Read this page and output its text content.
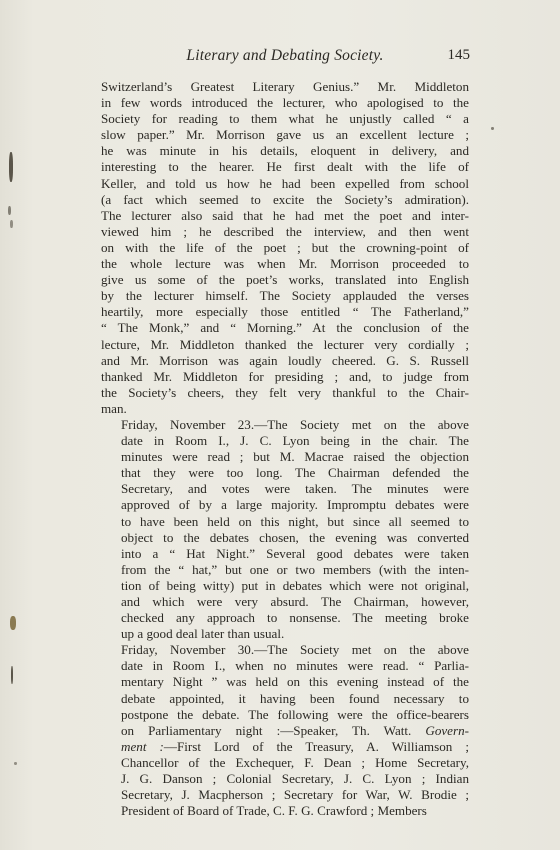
Literary and Debating Society.	145
Switzerland’s Greatest Literary Genius.” Mr. Middleton
in few words introduced the lecturer, who apologised to the
Society for reading to them what he unjustly called “ a
slow paper.” Mr. Morrison gave us an excellent lecture ;
he was minute in his details, eloquent in delivery, and
interesting to the hearer. He first dealt with the life of
Keller, and told us how he had been expelled from school
(a fact which seemed to excite the Society’s admiration).
The lecturer also said that he had met the poet and inter-
viewed him ; he described the interview, and then went
on with the life of the poet ; but the crowning-point of
the whole lecture was when Mr. Morrison proceeded to
give us some of the poet’s works, translated into English
by the lecturer himself. The Society applauded the verses
heartily, more especially those entitled “ The Fatherland,”
“ The Monk,” and “ Morning.” At the conclusion of the
lecture, Mr. Middleton thanked the lecturer very cordially ;
and Mr. Morrison was again loudly cheered. G. S. Russell
thanked Mr. Middleton for presiding ; and, to judge from
the Society’s cheers, they felt very thankful to the Chair-
man.
Friday, November 23.—The Society met on the above
date in Room I., J. C. Lyon being in the chair. The
minutes were read ; but M. Macrae raised the objection
that they were too long. The Chairman defended the
Secretary, and votes were taken. The minutes were
approved of by a large majority. Impromptu debates were
to have been held on this night, but since all seemed to
object to the debates chosen, the evening was converted
into a “ Hat Night.” Several good debates were taken
from the “ hat,” but one or two members (with the inten-
tion of being witty) put in debates which were not original,
and which were very absurd. The Chairman, however,
checked any approach to nonsense. The meeting broke
up a good deal later than usual.
Friday, November 30.—The Society met on the above
date in Room I., when no minutes were read. “ Parlia-
mentary Night ” was held on this evening instead of the
debate appointed, it having been found necessary to
postpone the debate. The following were the office-bearers
on Parliamentary night :—Speaker, Th. Watt. Govern-
ment :—First Lord of the Treasury, A. Williamson ;
Chancellor of the Exchequer, F. Dean ; Home Secretary,
J. G. Danson ; Colonial Secretary, J. C. Lyon ; Indian
Secretary, J. Macpherson ; Secretary for War, W. Brodie ;
President of Board of Trade, C. F. G. Crawford ; Members
